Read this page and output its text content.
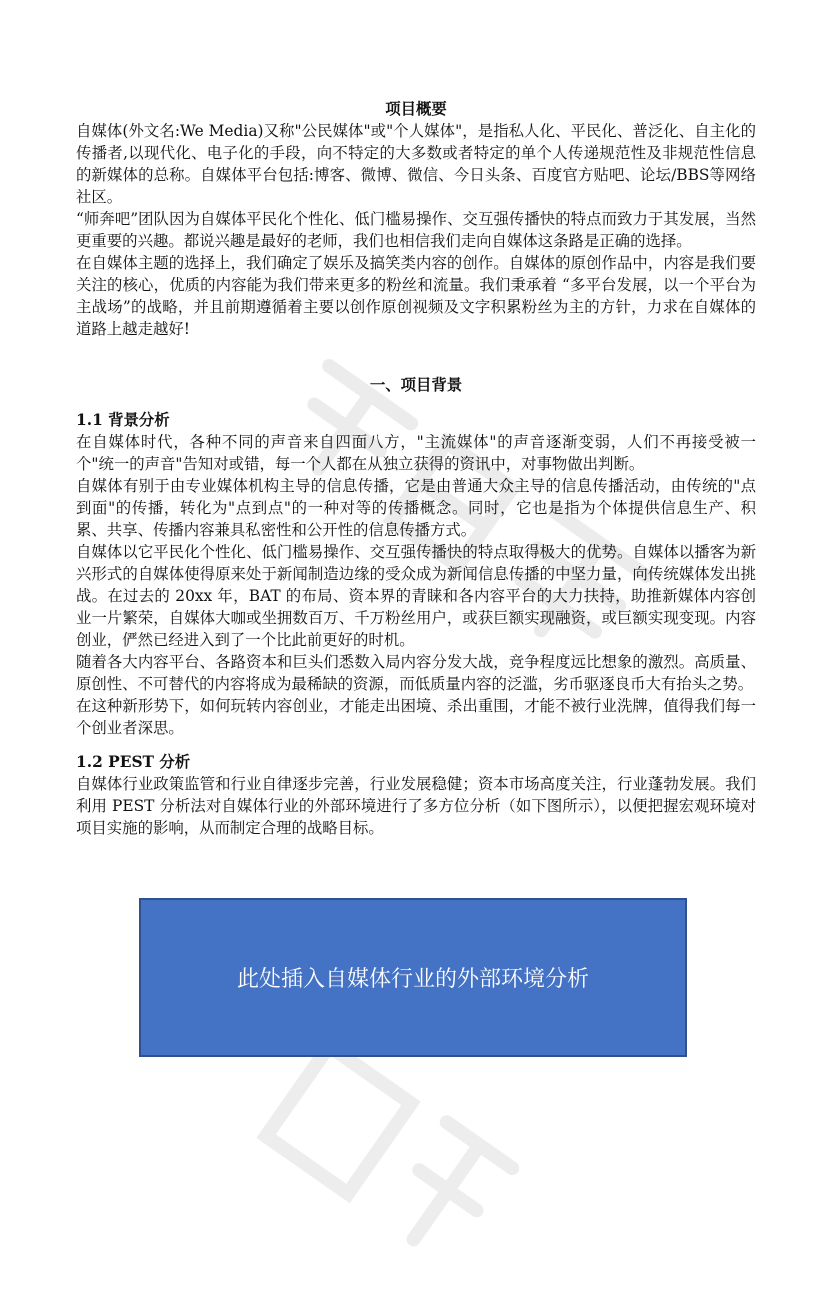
项目概要

自媒体(外文名:We Media)又称"公民媒体"或"个人媒体"，是指私人化、平民化、普泛化、自主化的传播者,以现代化、电子化的手段，向不特定的大多数或者特定的单个人传递规范性及非规范性信息的新媒体的总称。自媒体平台包括:博客、微博、微信、今日头条、百度官方贴吧、论坛/BBS等网络社区。

“师奔吧”团队因为自媒体平民化个性化、低门槛易操作、交互强传播快的特点而致力于其发展，当然更重要的兴趣。都说兴趣是最好的老师，我们也相信我们走向自媒体这条路是正确的选择。

在自媒体主题的选择上，我们确定了娱乐及搞笑类内容的创作。自媒体的原创作品中，内容是我们要关注的核心，优质的内容能为我们带来更多的粉丝和流量。我们秉承着 “多平台发展，以一个平台为主战场”的战略，并且前期遵循着主要以创作原创视频及文字积累粉丝为主的方针，力求在自媒体的道路上越走越好!

一、项目背景

1.1 背景分析

在自媒体时代，各种不同的声音来自四面八方，"主流媒体"的声音逐渐变弱，人们不再接受被一个"统一的声音"告知对或错，每一个人都在从独立获得的资讯中，对事物做出判断。

自媒体有别于由专业媒体机构主导的信息传播，它是由普通大众主导的信息传播活动，由传统的"点到面"的传播，转化为"点到点"的一种对等的传播概念。同时，它也是指为个体提供信息生产、积累、共享、传播内容兼具私密性和公开性的信息传播方式。

自媒体以它平民化个性化、低门槛易操作、交互强传播快的特点取得极大的优势。自媒体以播客为新兴形式的自媒体使得原来处于新闻制造边缘的受众成为新闻信息传播的中坚力量，向传统媒体发出挑战。在过去的 20xx 年，BAT 的布局、资本界的青睐和各内容平台的大力扶持，助推新媒体内容创业一片繁荣，自媒体大咖或坐拥数百万、千万粉丝用户，或获巨额实现融资，或巨额实现变现。内容创业，俨然已经进入到了一个比此前更好的时机。

随着各大内容平台、各路资本和巨头们悉数入局内容分发大战，竞争程度远比想象的激烈。高质量、原创性、不可替代的内容将成为最稀缺的资源，而低质量内容的泛滥，劣币驱逐良币大有抬头之势。

在这种新形势下，如何玩转内容创业，才能走出困境、杀出重围，才能不被行业洗牌，值得我们每一个创业者深思。

1.2 PEST 分析

自媒体行业政策监管和行业自律逐步完善，行业发展稳健；资本市场高度关注，行业蓬勃发展。我们利用 PEST 分析法对自媒体行业的外部环境进行了多方位分析（如下图所示），以便把握宏观环境对项目实施的影响，从而制定合理的战略目标。

此处插入自媒体行业的外部环境分析
